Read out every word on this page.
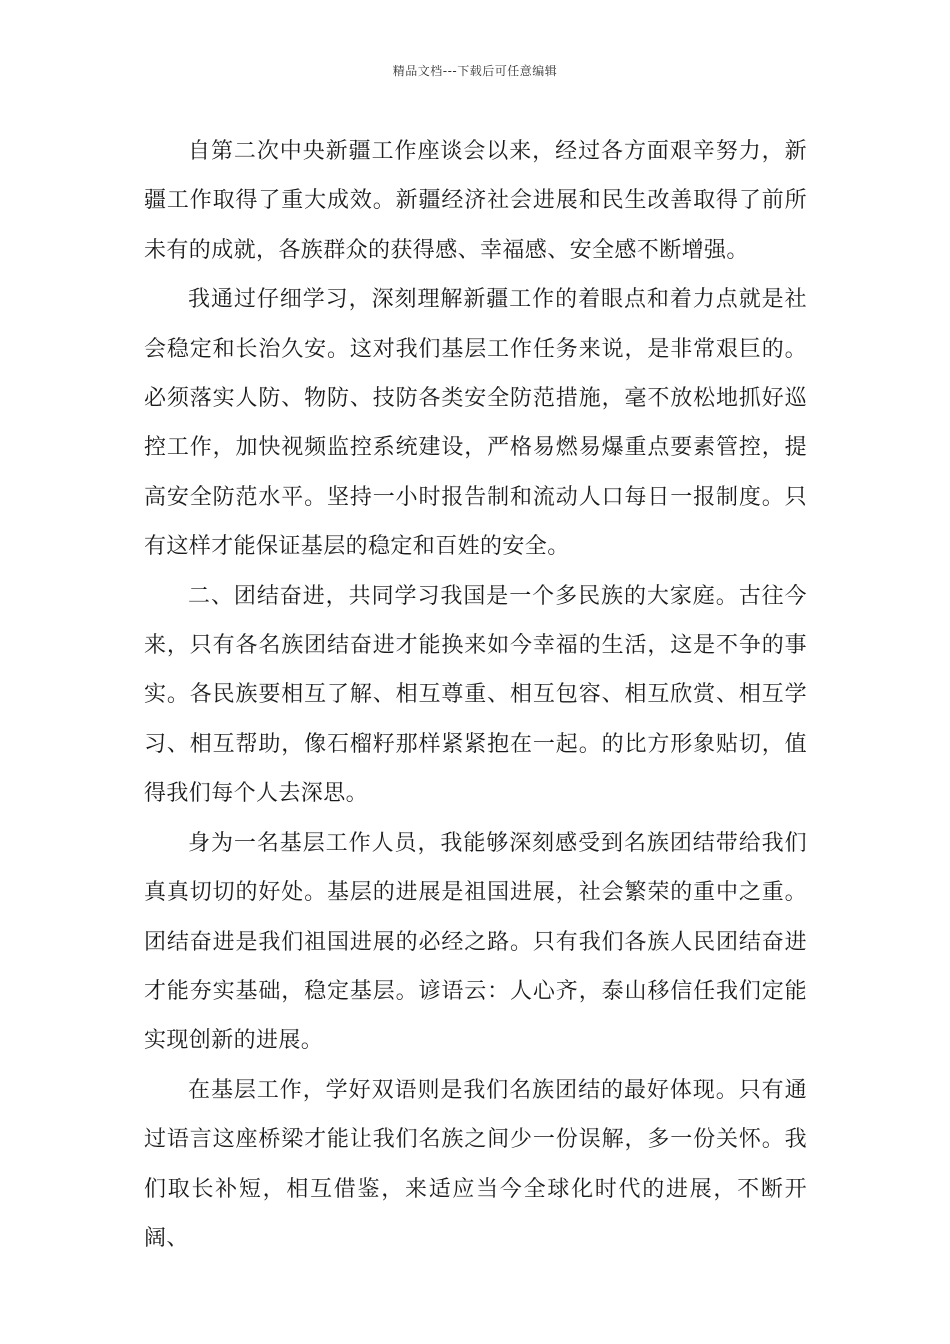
精品文档---下载后可任意编辑

自第二次中央新疆工作座谈会以来，经过各方面艰辛努力，新疆工作取得了重大成效。新疆经济社会进展和民生改善取得了前所未有的成就，各族群众的获得感、幸福感、安全感不断增强。

我通过仔细学习，深刻理解新疆工作的着眼点和着力点就是社会稳定和长治久安。这对我们基层工作任务来说，是非常艰巨的。必须落实人防、物防、技防各类安全防范措施，毫不放松地抓好巡控工作，加快视频监控系统建设，严格易燃易爆重点要素管控，提高安全防范水平。坚持一小时报告制和流动人口每日一报制度。只有这样才能保证基层的稳定和百姓的安全。

二、团结奋进，共同学习我国是一个多民族的大家庭。古往今来，只有各名族团结奋进才能换来如今幸福的生活，这是不争的事实。各民族要相互了解、相互尊重、相互包容、相互欣赏、相互学习、相互帮助，像石榴籽那样紧紧抱在一起。的比方形象贴切，值得我们每个人去深思。

身为一名基层工作人员，我能够深刻感受到名族团结带给我们真真切切的好处。基层的进展是祖国进展，社会繁荣的重中之重。团结奋进是我们祖国进展的必经之路。只有我们各族人民团结奋进才能夯实基础，稳定基层。谚语云：人心齐，泰山移信任我们定能实现创新的进展。

在基层工作，学好双语则是我们名族团结的最好体现。只有通过语言这座桥梁才能让我们名族之间少一份误解，多一份关怀。我们取长补短，相互借鉴，来适应当今全球化时代的进展，不断开阔、
